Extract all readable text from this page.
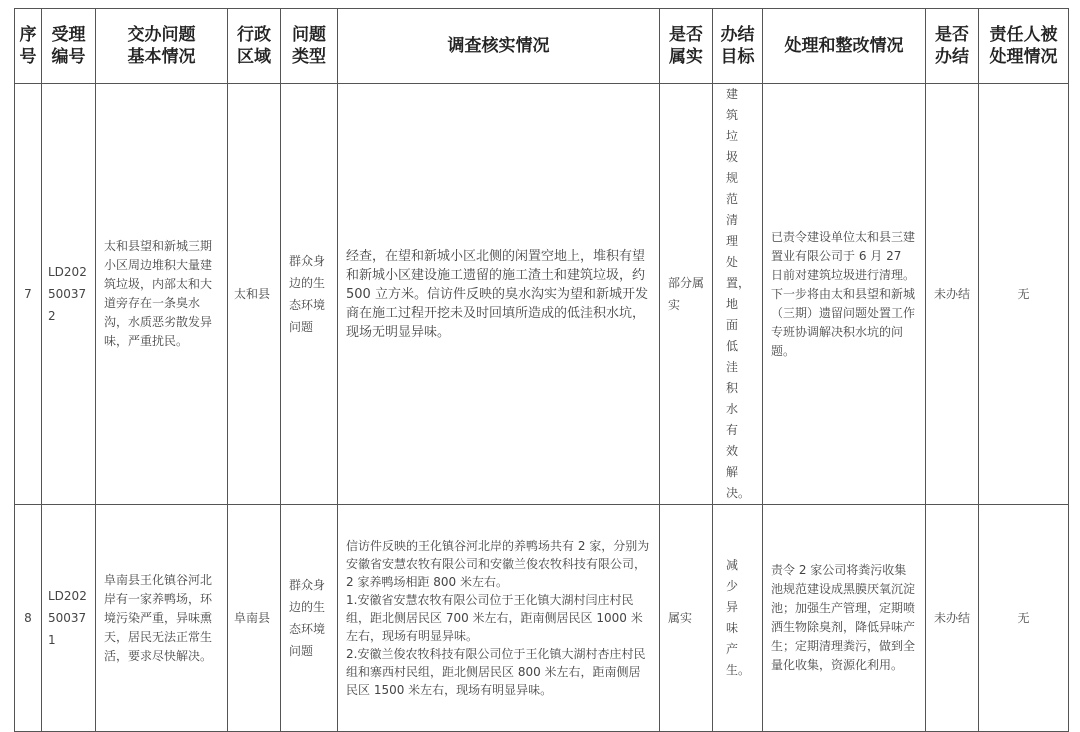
序号	受理编号	交办问题基本情况	行政区域	问题类型	调查核实情况	是否属实	办结目标	处理和整改情况	是否办结	责任人被处理情况
7	LD20250037 2	太和县望和新城三期小区周边堆积大量建筑垃圾，内部太和大道旁存在一条臭水沟，水质恶劣散发异味，严重扰民。	太和县	群众身边的生态环境问题	经查，在望和新城小区北侧的闲置空地上，堆积有望和新城小区建设施工遗留的施工渣土和建筑垃圾，约 500 立方米。信访件反映的臭水沟实为望和新城开发商在施工过程开挖未及时回填所造成的低洼积水坑，现场无明显异味。	部分属实	建筑垃圾规范清理处置，地面低洼积水有效解决。	已责令建设单位太和县三建置业有限公司于 6 月 27 日前对建筑垃圾进行清理。下一步将由太和县望和新城（三期）遗留问题处置工作专班协调解决积水坑的问题。	未办结	无
8	LD20250037 1	阜南县王化镇谷河北岸有一家养鸭场，环境污染严重，异味熏天，居民无法正常生活，要求尽快解决。	阜南县	群众身边的生态环境问题	信访件反映的王化镇谷河北岸的养鸭场共有 2 家，分别为安徽省安慧农牧有限公司和安徽兰俊农牧科技有限公司，2 家养鸭场相距 800 米左右。
1.安徽省安慧农牧有限公司位于王化镇大湖村闫庄村民组，距北侧居民区 700 米左右，距南侧居民区 1000 米左右，现场有明显异味。
2.安徽兰俊农牧科技有限公司位于王化镇大湖村杏庄村民组和寨西村民组，距北侧居民区 800 米左右，距南侧居民区 1500 米左右，现场有明显异味。	属实	减少异味产生。	责令 2 家公司将粪污收集池规范建设成黑膜厌氧沉淀池；加强生产管理，定期喷洒生物除臭剂，降低异味产生；定期清理粪污，做到全量化收集，资源化利用。	未办结	无
